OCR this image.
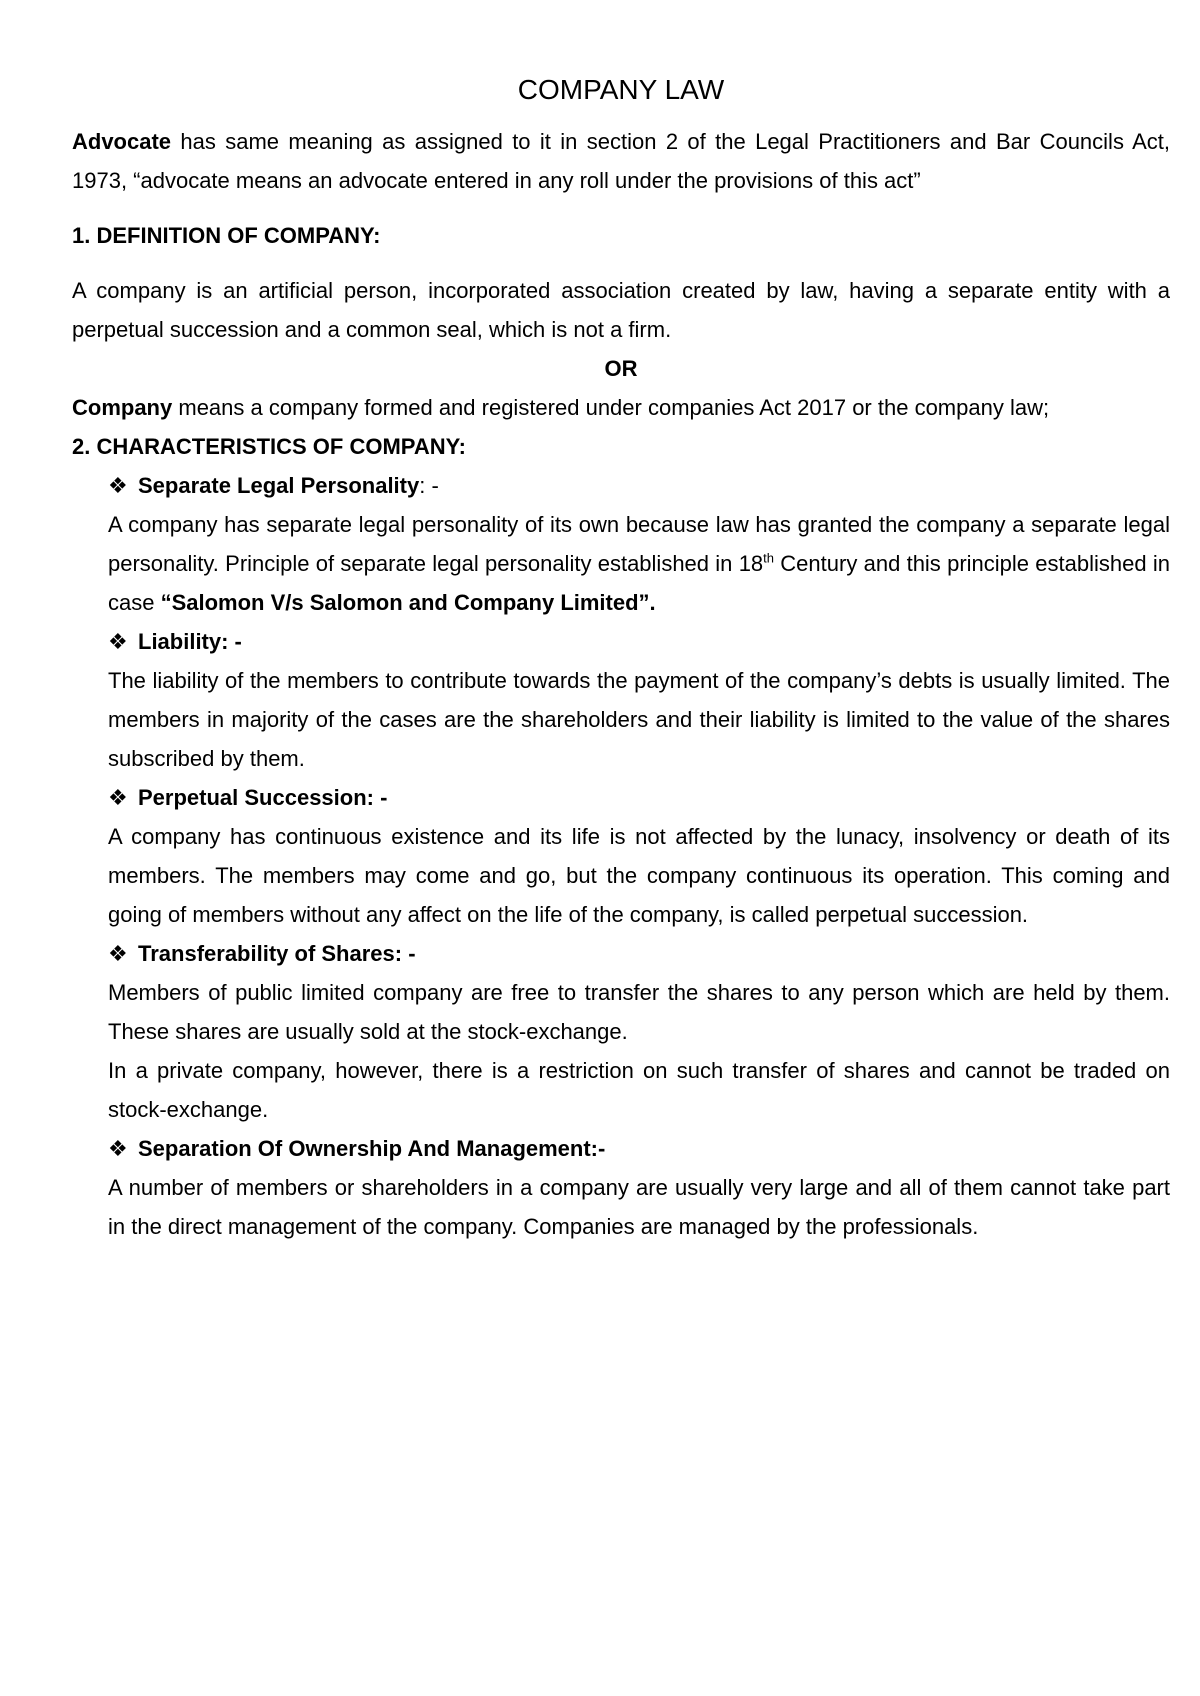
COMPANY LAW

Advocate has same meaning as assigned to it in section 2 of the Legal Practitioners and Bar Councils Act, 1973, “advocate means an advocate entered in any roll under the provisions of this act”

1. DEFINITION OF COMPANY:

A company is an artificial person, incorporated association created by law, having a separate entity with a perpetual succession and a common seal, which is not a firm.

OR

Company means a company formed and registered under companies Act 2017 or the company law;

2. CHARACTERISTICS OF COMPANY:

❖ Separate Legal Personality: -

A company has separate legal personality of its own because law has granted the company a separate legal personality. Principle of separate legal personality established in 18th Century and this principle established in case “Salomon V/s Salomon and Company Limited”.

❖ Liability: -

The liability of the members to contribute towards the payment of the company’s debts is usually limited. The members in majority of the cases are the shareholders and their liability is limited to the value of the shares subscribed by them.

❖ Perpetual Succession: -

A company has continuous existence and its life is not affected by the lunacy, insolvency or death of its members. The members may come and go, but the company continuous its operation. This coming and going of members without any affect on the life of the company, is called perpetual succession.

❖ Transferability of Shares: -

Members of public limited company are free to transfer the shares to any person which are held by them. These shares are usually sold at the stock-exchange.

In a private company, however, there is a restriction on such transfer of shares and cannot be traded on stock-exchange.

❖ Separation Of Ownership And Management:-

A number of members or shareholders in a company are usually very large and all of them cannot take part in the direct management of the company. Companies are managed by the professionals.
